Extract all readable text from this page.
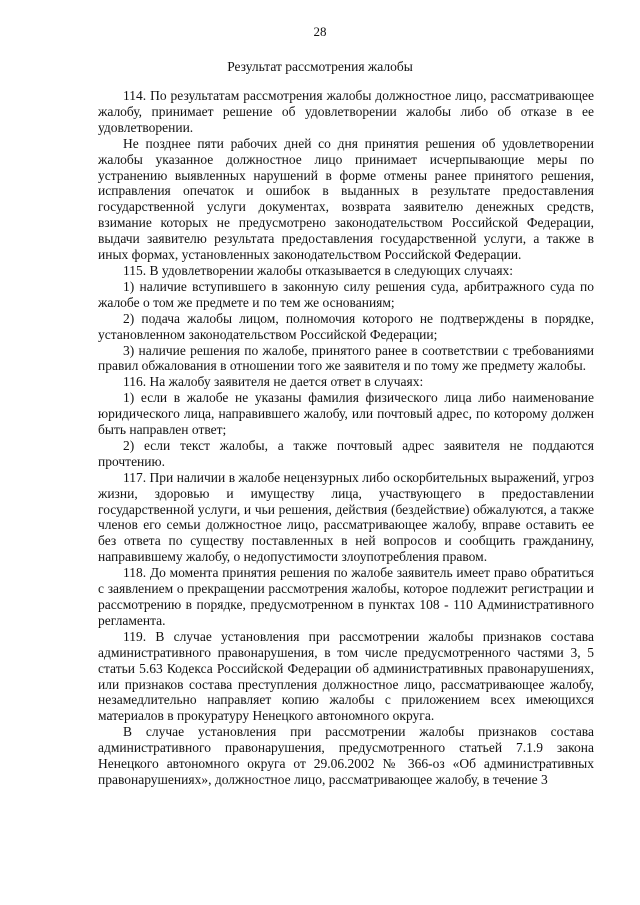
28
Результат рассмотрения жалобы

114. По результатам рассмотрения жалобы должностное лицо, рассматривающее жалобу, принимает решение об удовлетворении жалобы либо об отказе в ее удовлетворении.

Не позднее пяти рабочих дней со дня принятия решения об удовлетворении жалобы указанное должностное лицо принимает исчерпывающие меры по устранению выявленных нарушений в форме отмены ранее принятого решения, исправления опечаток и ошибок в выданных в результате предоставления государственной услуги документах, возврата заявителю денежных средств, взимание которых не предусмотрено законодательством Российской Федерации, выдачи заявителю результата предоставления государственной услуги, а также в иных формах, установленных законодательством Российской Федерации.

115. В удовлетворении жалобы отказывается в следующих случаях:

1) наличие вступившего в законную силу решения суда, арбитражного суда по жалобе о том же предмете и по тем же основаниям;

2) подача жалобы лицом, полномочия которого не подтверждены в порядке, установленном законодательством Российской Федерации;

3) наличие решения по жалобе, принятого ранее в соответствии с требованиями правил обжалования в отношении того же заявителя и по тому же предмету жалобы.

116. На жалобу заявителя не дается ответ в случаях:

1) если в жалобе не указаны фамилия физического лица либо наименование юридического лица, направившего жалобу, или почтовый адрес, по которому должен быть направлен ответ;

2) если текст жалобы, а также почтовый адрес заявителя не поддаются прочтению.

117. При наличии в жалобе нецензурных либо оскорбительных выражений, угроз жизни, здоровью и имуществу лица, участвующего в предоставлении государственной услуги, и чьи решения, действия (бездействие) обжалуются, а также членов его семьи должностное лицо, рассматривающее жалобу, вправе оставить ее без ответа по существу поставленных в ней вопросов и сообщить гражданину, направившему жалобу, о недопустимости злоупотребления правом.

118. До момента принятия решения по жалобе заявитель имеет право обратиться с заявлением о прекращении рассмотрения жалобы, которое подлежит регистрации и рассмотрению в порядке, предусмотренном в пунктах 108 - 110 Административного регламента.

119. В случае установления при рассмотрении жалобы признаков состава административного правонарушения, в том числе предусмотренного частями 3, 5 статьи 5.63 Кодекса Российской Федерации об административных правонарушениях, или признаков состава преступления должностное лицо, рассматривающее жалобу, незамедлительно направляет копию жалобы с приложением всех имеющихся материалов в прокуратуру Ненецкого автономного округа.

В случае установления при рассмотрении жалобы признаков состава административного правонарушения, предусмотренного статьей 7.1.9 закона Ненецкого автономного округа от 29.06.2002 № 366-оз «Об административных правонарушениях», должностное лицо, рассматривающее жалобу, в течение 3
